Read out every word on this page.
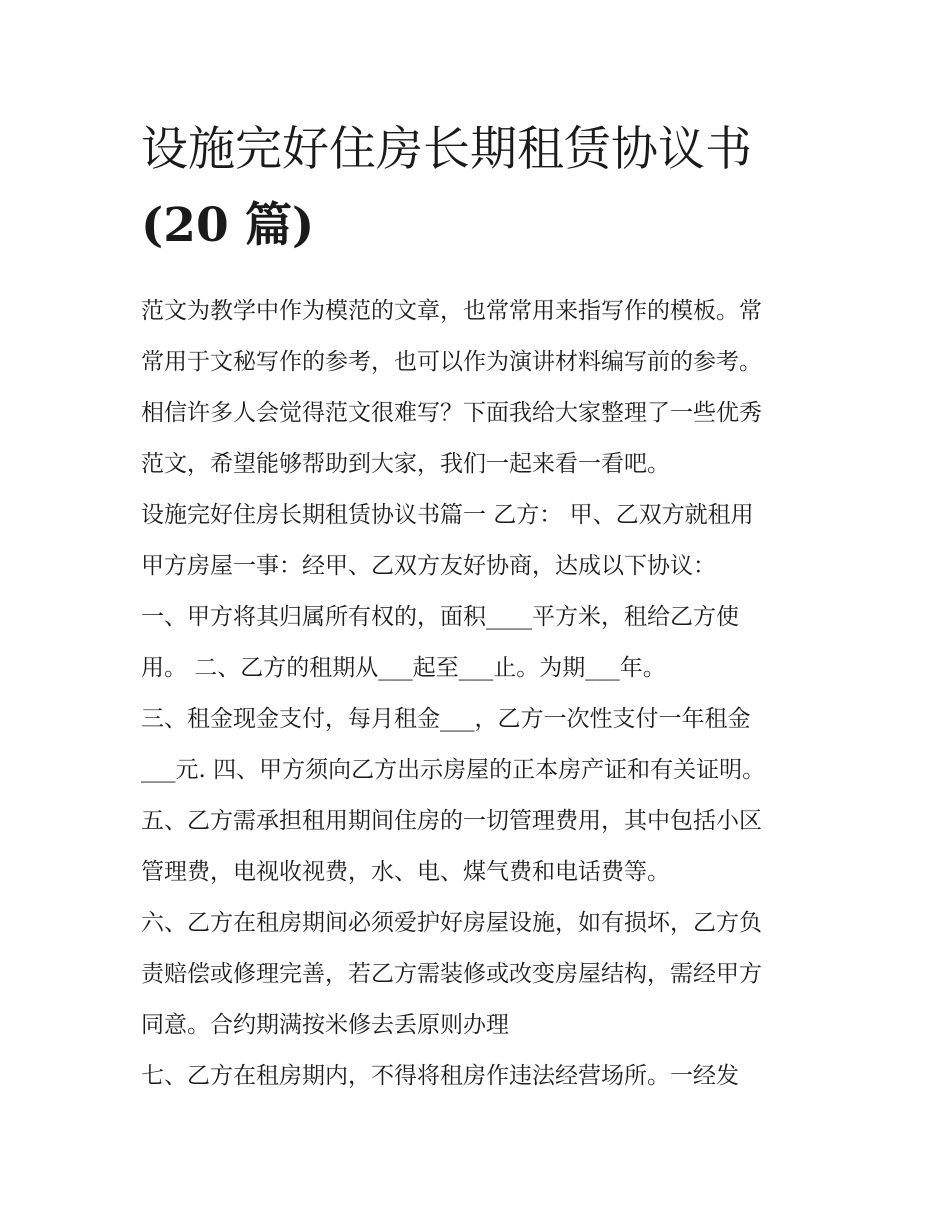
设施完好住房长期租赁协议书
(20 篇)
范文为教学中作为模范的文章，也常常用来指写作的模板。常
常用于文秘写作的参考，也可以作为演讲材料编写前的参考。
相信许多人会觉得范文很难写？下面我给大家整理了一些优秀
范文，希望能够帮助到大家，我们一起来看一看吧。
设施完好住房长期租赁协议书篇一 乙方： 甲、乙双方就租用
甲方房屋一事：经甲、乙双方友好协商，达成以下协议：
一、甲方将其归属所有权的，面积____平方米，租给乙方使
用。 二、乙方的租期从___起至___止。为期___年。
三、租金现金支付，每月租金___，乙方一次性支付一年租金
___元. 四、甲方须向乙方出示房屋的正本房产证和有关证明。
五、乙方需承担租用期间住房的一切管理费用，其中包括小区
管理费，电视收视费，水、电、煤气费和电话费等。
六、乙方在租房期间必须爱护好房屋设施，如有损坏，乙方负
责赔偿或修理完善，若乙方需装修或改变房屋结构，需经甲方
同意。合约期满按米修去丢原则办理
七、乙方在租房期内，不得将租房作违法经营场所。一经发
